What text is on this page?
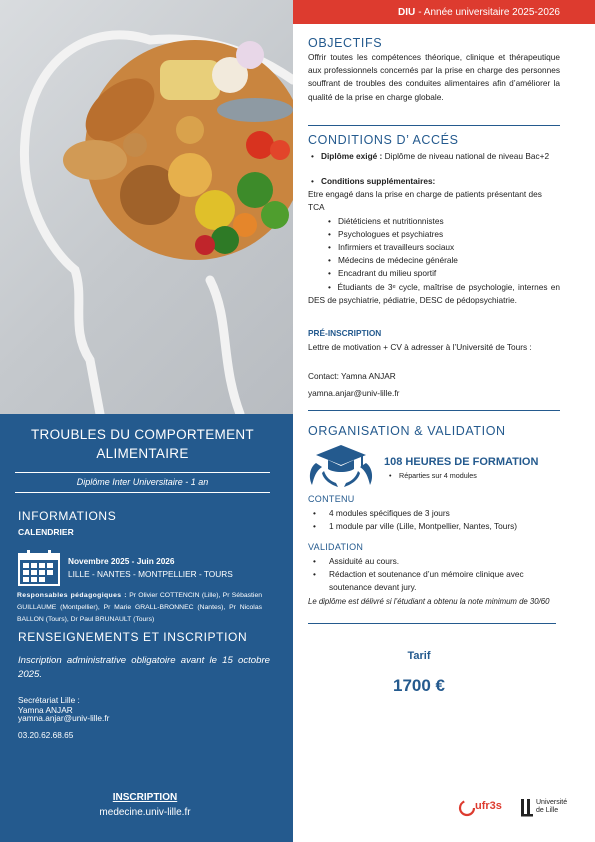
TROUBLES DU COMPORTEMENT ALIMENTAIRE
Diplôme Inter Universitaire - 1 an
INFORMATIONS
CALENDRIER
Novembre 2025 - Juin 2026
LILLE - NANTES - MONTPELLIER - TOURS
Responsables pédagogiques : Pr Olivier COTTENCIN (Lille), Pr Sébastien GUILLAUME (Montpellier), Pr Marie GRALL-BRONNEC (Nantes), Pr Nicolas BALLON (Tours), Dr Paul BRUNAULT (Tours)
RENSEIGNEMENTS ET INSCRIPTION
Inscription administrative obligatoire avant le 15 octobre 2025.
Secrétariat Lille :
Yamna ANJAR
yamna.anjar@univ-lille.fr
03.20.62.68.65
INSCRIPTION
medecine.univ-lille.fr
DIU - Année universitaire 2025-2026
OBJECTIFS
Offrir toutes les compétences théorique, clinique et thérapeutique aux professionnels concernés par la prise en charge des personnes souffrant de troubles des conduites alimentaires afin d’améliorer la qualité de la prise en charge globale.
CONDITIONS D’ ACCÉS
• Diplôme exigé : Diplôme de niveau national de niveau Bac+2
• Conditions supplémentaires:
Etre engagé dans la prise en charge de patients présentant des TCA
• Diététiciens et nutritionnistes
• Psychologues et psychiatres
• Infirmiers et travailleurs sociaux
• Médecins de médecine générale
• Encadrant du milieu sportif
•  Étudiants de 3ᵉ cycle, maîtrise de psychologie, internes en DES de psychiatrie, pédiatrie, DESC de pédopsychiatrie.
PRÉ-INSCRIPTION
Lettre de motivation + CV à adresser à l’Université de Tours :
Contact: Yamna ANJAR
yamna.anjar@univ-lille.fr
ORGANISATION & VALIDATION
108 HEURES DE FORMATION
• Réparties sur 4 modules
CONTENU
• 4 modules spécifiques de 3 jours
• 1 module par ville (Lille, Montpellier, Nantes, Tours)
VALIDATION
• Assiduité au cours.
•	Rédaction et soutenance d’un mémoire clinique avec soutenance devant jury.
Le diplôme est délivré si l’étudiant a obtenu la note minimum de 30/60
Tarif
1700 €
ufr3s	Université
de Lille
